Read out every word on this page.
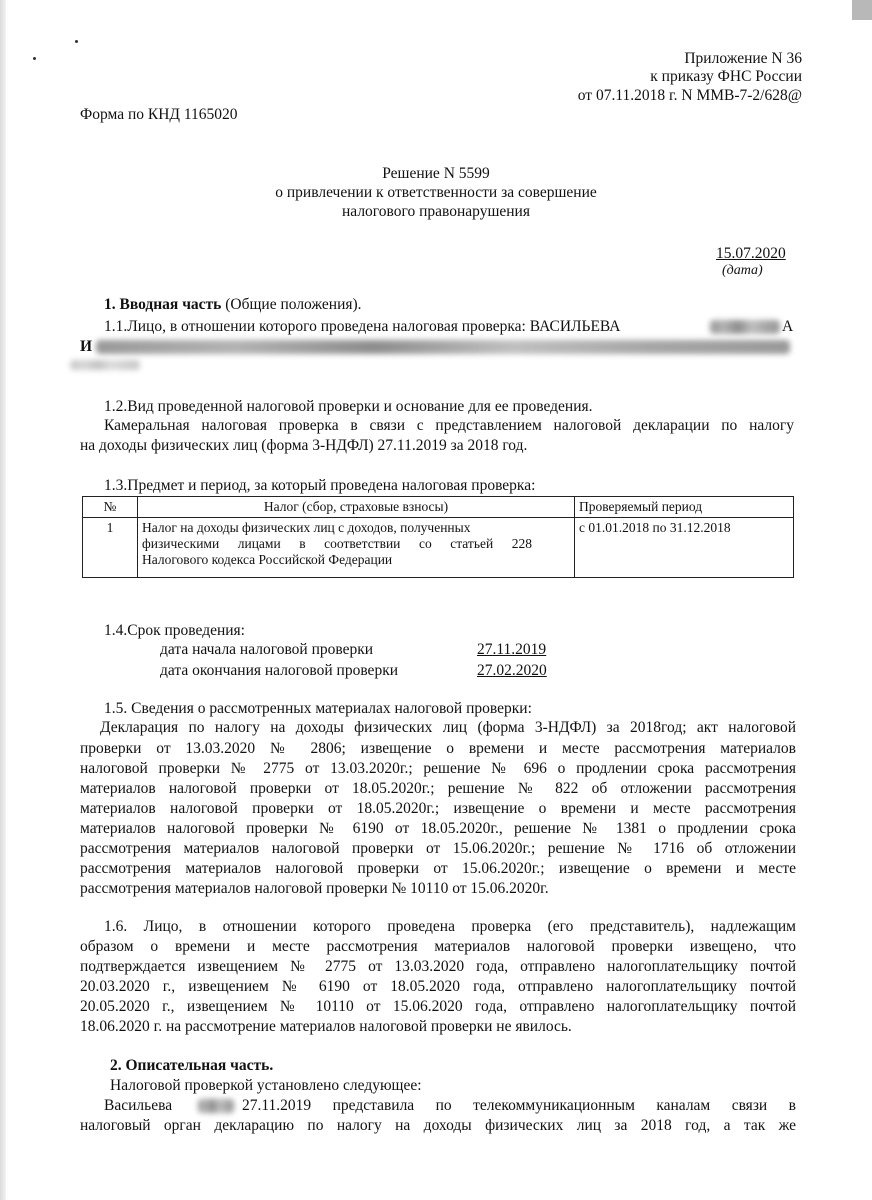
Приложение N 36
к приказу ФНС России
от 07.11.2018 г. N ММВ-7-2/628@
Форма по КНД 1165020
Решение N 5599
о привлечении к ответственности за совершение
налогового правонарушения
15.07.2020
(дата)
1. Вводная часть (Общие положения).
1.1.Лицо, в отношении которого проведена налоговая проверка: ВАСИЛЬЕВА	А
И
1.2.Вид проведенной налоговой проверки и основание для ее проведения.
Камеральная налоговая проверка в связи с представлением налоговой декларации по налогу
на доходы физических лиц (форма 3-НДФЛ) 27.11.2019 за 2018 год.
1.3.Предмет и период, за который проведена налоговая проверка:
№	Налог (сбор, страховые взносы)	Проверяемый период
1	Налог на доходы физических лиц с доходов, полученных
физическими лицами в соответствии со статьей 228
Налогового кодекса Российской Федерации	с 01.01.2018 по 31.12.2018
1.4.Срок проведения:
дата начала налоговой проверки	27.11.2019
дата окончания налоговой проверки	27.02.2020
1.5. Сведения о рассмотренных материалах налоговой проверки:
Декларация по налогу на доходы физических лиц (форма 3-НДФЛ) за 2018год; акт налоговой
проверки от 13.03.2020 № 2806; извещение о времени и месте рассмотрения материалов
налоговой проверки № 2775 от 13.03.2020г.; решение № 696 о продлении срока рассмотрения
материалов налоговой проверки от 18.05.2020г.; решение № 822 об отложении рассмотрения
материалов налоговой проверки от 18.05.2020г.; извещение о времени и месте рассмотрения
материалов налоговой проверки № 6190 от 18.05.2020г., решение № 1381 о продлении срока
рассмотрения материалов налоговой проверки от 15.06.2020г.; решение № 1716 об отложении
рассмотрения материалов налоговой проверки от 15.06.2020г.; извещение о времени и месте
рассмотрения материалов налоговой проверки № 10110 от 15.06.2020г.
1.6. Лицо, в отношении которого проведена проверка (его представитель), надлежащим
образом о времени и месте рассмотрения материалов налоговой проверки извещено, что
подтверждается извещением № 2775 от 13.03.2020 года, отправлено налогоплательщику почтой
20.03.2020 г., извещением № 6190 от 18.05.2020 года, отправлено налогоплательщику почтой
20.05.2020 г., извещением № 10110 от 15.06.2020 года, отправлено налогоплательщику почтой
18.06.2020 г. на рассмотрение материалов налоговой проверки не явилось.
2. Описательная часть.
Налоговой проверкой установлено следующее:
Васильева	27.11.2019 представила по телекоммуникационным каналам связи в
налоговый орган декларацию по налогу на доходы физических лиц за 2018 год, а так же
